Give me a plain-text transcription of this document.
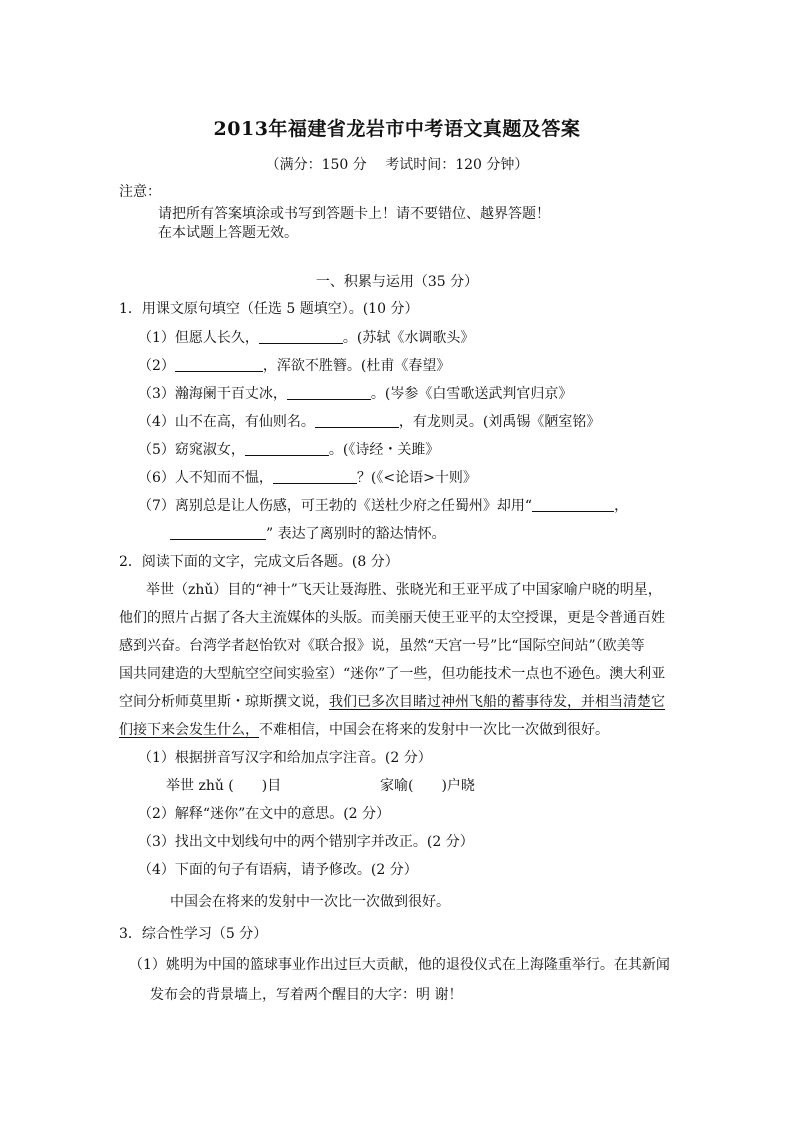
2013年福建省龙岩市中考语文真题及答案
（满分：150 分　 考试时间：120 分钟）
注意：
请把所有答案填涂或书写到答题卡上！请不要错位、越界答题！
在本试题上答题无效。
一、积累与运用（35 分）
1．用课文原句填空（任选 5 题填空）。(10 分）
（1）但愿人长久，	。(苏轼《水调歌头》
（2）	，浑欲不胜簪。(杜甫《春望》
（3）瀚海阑干百丈冰，	。(岑参《白雪歌送武判官归京》
（4）山不在高，有仙则名。	，有龙则灵。(刘禹锡《陋室铭》
（5）窈窕淑女，	。(《诗经・关雎》
（6）人不知而不愠，	？(《<论语>十则》
（7）离别总是让人伤感，可王勃的《送杜少府之任蜀州》却用“	，
” 表达了离别时的豁达情怀。
2．阅读下面的文字，完成文后各题。(8 分）
举世（zhǔ）目的“神十”飞天让聂海胜、张晓光和王亚平成了中国家喻户晓的明星，
他们的照片占据了各大主流媒体的头版。而美丽天使王亚平的太空授课，更是令普通百姓
感到兴奋。台湾学者赵怡钦对《联合报》说，虽然“天宫一号”比“国际空间站”（欧美等
国共同建造的大型航空空间实验室）“迷你”了一些，但功能技术一点也不逊色。澳大利亚
空间分析师莫里斯・琼斯撰文说，我们已多次目睹过神州飞船的蓄事待发，并相当清楚它
们接下来会发生什么，不难相信，中国会在将来的发射中一次比一次做到很好。
（1）根据拼音写汉字和给加点字注音。(2 分）
举世 zhǔ (　　)目	家喻(　　)户晓
（2）解释“迷你”在文中的意思。(2 分）
（3）找出文中划线句中的两个错别字并改正。(2 分）
（4）下面的句子有语病，请予修改。(2 分）
中国会在将来的发射中一次比一次做到很好。
3．综合性学习（5 分）
（1）姚明为中国的篮球事业作出过巨大贡献，他的退役仪式在上海隆重举行。在其新闻
发布会的背景墙上，写着两个醒目的大字：明 谢！
